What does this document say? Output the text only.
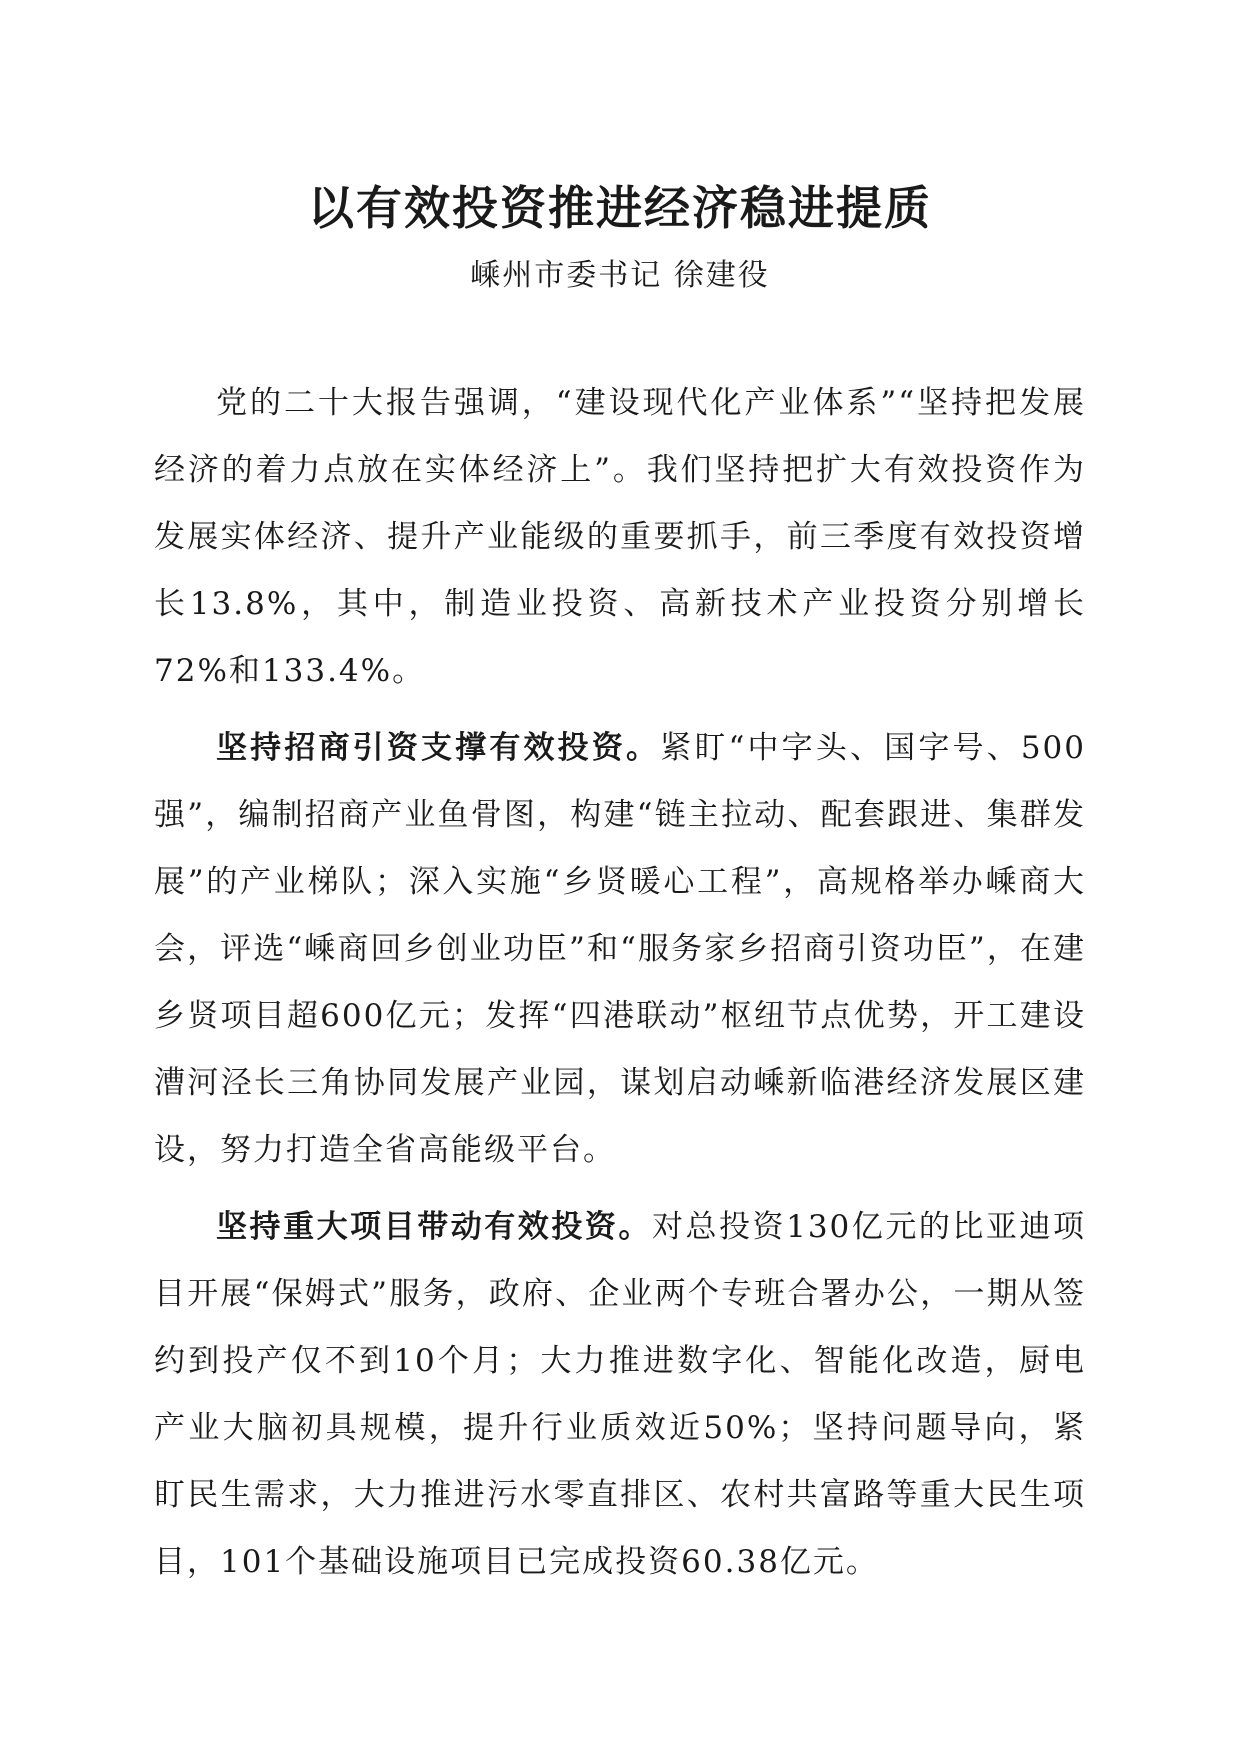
以有效投资推进经济稳进提质

嵊州市委书记 徐建役

党的二十大报告强调，“建设现代化产业体系”“坚持把发展经济的着力点放在实体经济上”。我们坚持把扩大有效投资作为发展实体经济、提升产业能级的重要抓手，前三季度有效投资增长13.8%，其中，制造业投资、高新技术产业投资分别增长72%和133.4%。

坚持招商引资支撑有效投资。紧盯“中字头、国字号、500强”，编制招商产业鱼骨图，构建“链主拉动、配套跟进、集群发展”的产业梯队；深入实施“乡贤暖心工程”，高规格举办嵊商大会，评选“嵊商回乡创业功臣”和“服务家乡招商引资功臣”，在建乡贤项目超600亿元；发挥“四港联动”枢纽节点优势，开工建设漕河泾长三角协同发展产业园，谋划启动嵊新临港经济发展区建设，努力打造全省高能级平台。

坚持重大项目带动有效投资。对总投资130亿元的比亚迪项目开展“保姆式”服务，政府、企业两个专班合署办公，一期从签约到投产仅不到10个月；大力推进数字化、智能化改造，厨电产业大脑初具规模，提升行业质效近50%；坚持问题导向，紧盯民生需求，大力推进污水零直排区、农村共富路等重大民生项目，101个基础设施项目已完成投资60.38亿元。
